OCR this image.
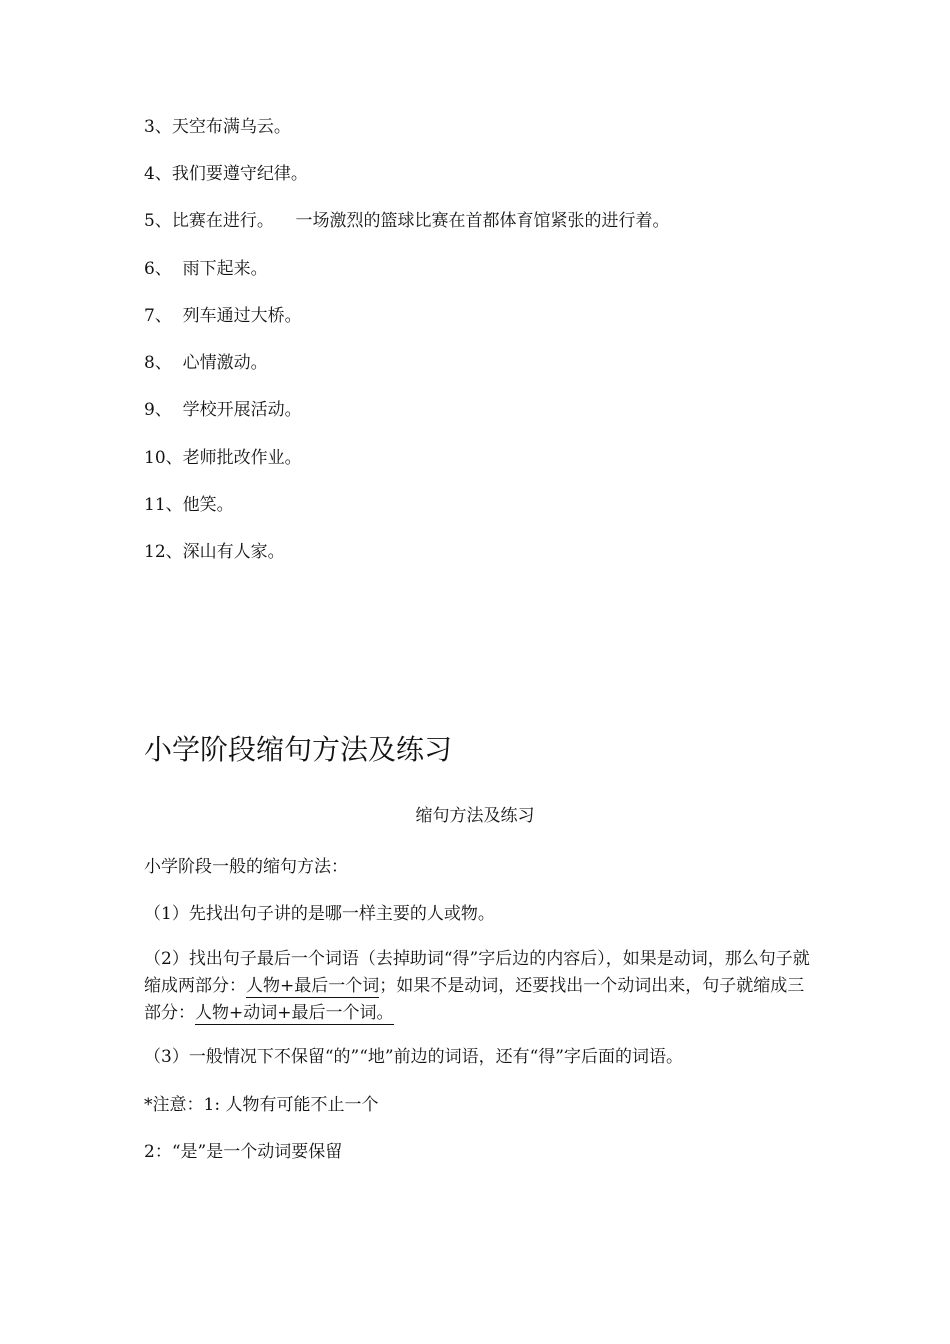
3、天空布满乌云。
4、我们要遵守纪律。
5、比赛在进行。    一场激烈的篮球比赛在首都体育馆紧张的进行着。
6、  雨下起来。
7、  列车通过大桥。
8、  心情激动。
9、  学校开展活动。
10、老师批改作业。
11、他笑。
12、深山有人家。
小学阶段缩句方法及练习
缩句方法及练习
小学阶段一般的缩句方法：
（1）先找出句子讲的是哪一样主要的人或物。
（2）找出句子最后一个词语（去掉助词“得”字后边的内容后），如果是动词，那么句子就缩成两部分：人物+最后一个词；如果不是动词，还要找出一个动词出来，句子就缩成三部分：人物+动词+最后一个词。
（3）一般情况下不保留“的”“地”前边的词语，还有“得”字后面的词语。
*注意：1: 人物有可能不止一个
2：“是”是一个动词要保留
